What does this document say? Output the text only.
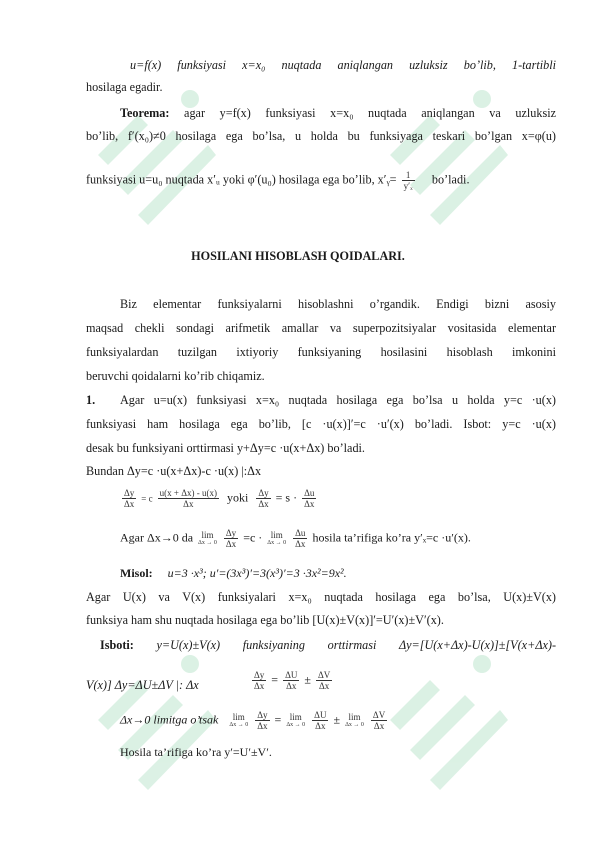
u=f(x) funksiyasi x=x₀ nuqtada aniqlangan uzluksiz bo’lib, 1-tartibli
hosilaga egadir.
Teorema: agar y=f(x) funksiyasi x=x₀ nuqtada aniqlangan va uzluksiz
bo’lib, f′(x₀)≠0 hosilaga ega bo’lsa, u holda bu funksiyaga teskari bo’lgan x=φ(u)
funksiyasi u=u₀ nuqtada x′ᵤ yoki φ′(u₀) hosilaga ega bo’lib, x′ᵧ= $\frac{1}{\text{y′ₓ}}$ bo’ladi.
HOSILANI HISOBLASH QOIDALARI.
Biz elementar funksiyalarni hisoblashni o’rgandik. Endigi bizni asosiy
maqsad chekli sondagi arifmetik amallar va superpozitsiyalar vositasida elementar
funksiyalardan tuzilgan ixtiyoriy funksiyaning hosilasini hisoblash imkonini
beruvchi qoidalarni ko’rib chiqamiz.
1. Agar u=u(x) funksiyasi x=x₀ nuqtada hosilaga ega bo’lsa u holda y=c ·u(x)
funksiyasi ham hosilaga ega bo’lib, [c ·u(x)]′=c ·u′(x) bo’ladi. Isbot: y=c ·u(x)
desak bu funksiyani orttirmasi y+Δy=c ·u(x+Δx) bo’ladi.
Bundan Δy=c ·u(x+Δx)-c ·u(x) |:Δx
$\frac{\Delta y}{\Delta x} = c \frac{u(x + \Delta x) - u(x)}{\Delta x}$ yoki $\frac{\Delta y}{\Delta x} = s \cdot \frac{\Delta u}{\Delta x}$
Agar Δx→0 da lim
Δx → 0
$\frac{\Delta y}{\Delta x} =c \cdot \lim$
Δx → 0
$\frac{\Delta u}{\Delta x}$ hosila ta’rifiga ko’ra y′ₓ=c ·u′(x).
Misol: u=3 ·x³; u′=(3x³)′=3(x³)′=3 ·3x²=9x².
Agar U(x) va V(x) funksiyalari x=x₀ nuqtada hosilaga ega bo’lsa, U(x)±V(x)
funksiya ham shu nuqtada hosilaga ega bo’lib [U(x)±V(x)]′=U′(x)±V′(x).
Isboti: y=U(x)±V(x) funksiyaning orttirmasi Δy=[U(x+Δx)-U(x)]±[V(x+Δx)-
V(x)] Δy=ΔU±ΔV |: Δx	$\frac{\Delta y}{\Delta x} = \frac{\Delta U}{\Delta x} \pm \frac{\Delta V}{\Delta x}$
Δx→0 limitga o’tsak lim
Δx → 0
$\frac{\Delta y}{\Delta x} = \lim$
Δx → 0
$\frac{\Delta U}{\Delta x} \pm \lim$
Δx → 0
$\frac{\Delta V}{\Delta x}$
Hosila ta’rifiga ko’ra y′=U′±V′.
